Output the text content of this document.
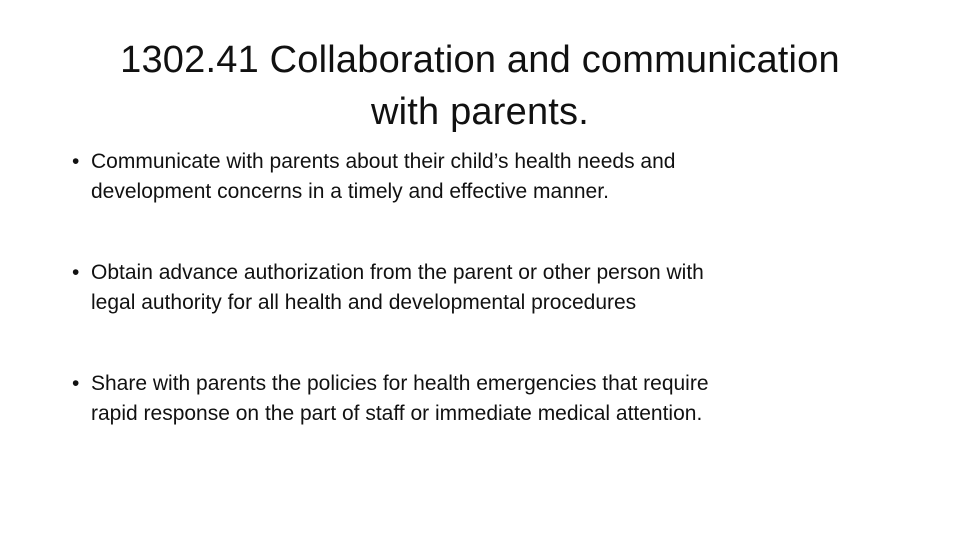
1302.41 Collaboration and communication
with parents.
• Communicate with parents about their child’s health needs and
development concerns in a timely and effective manner.
• Obtain advance authorization from the parent or other person with
legal authority for all health and developmental procedures
• Share with parents the policies for health emergencies that require
rapid response on the part of staff or immediate medical attention.
